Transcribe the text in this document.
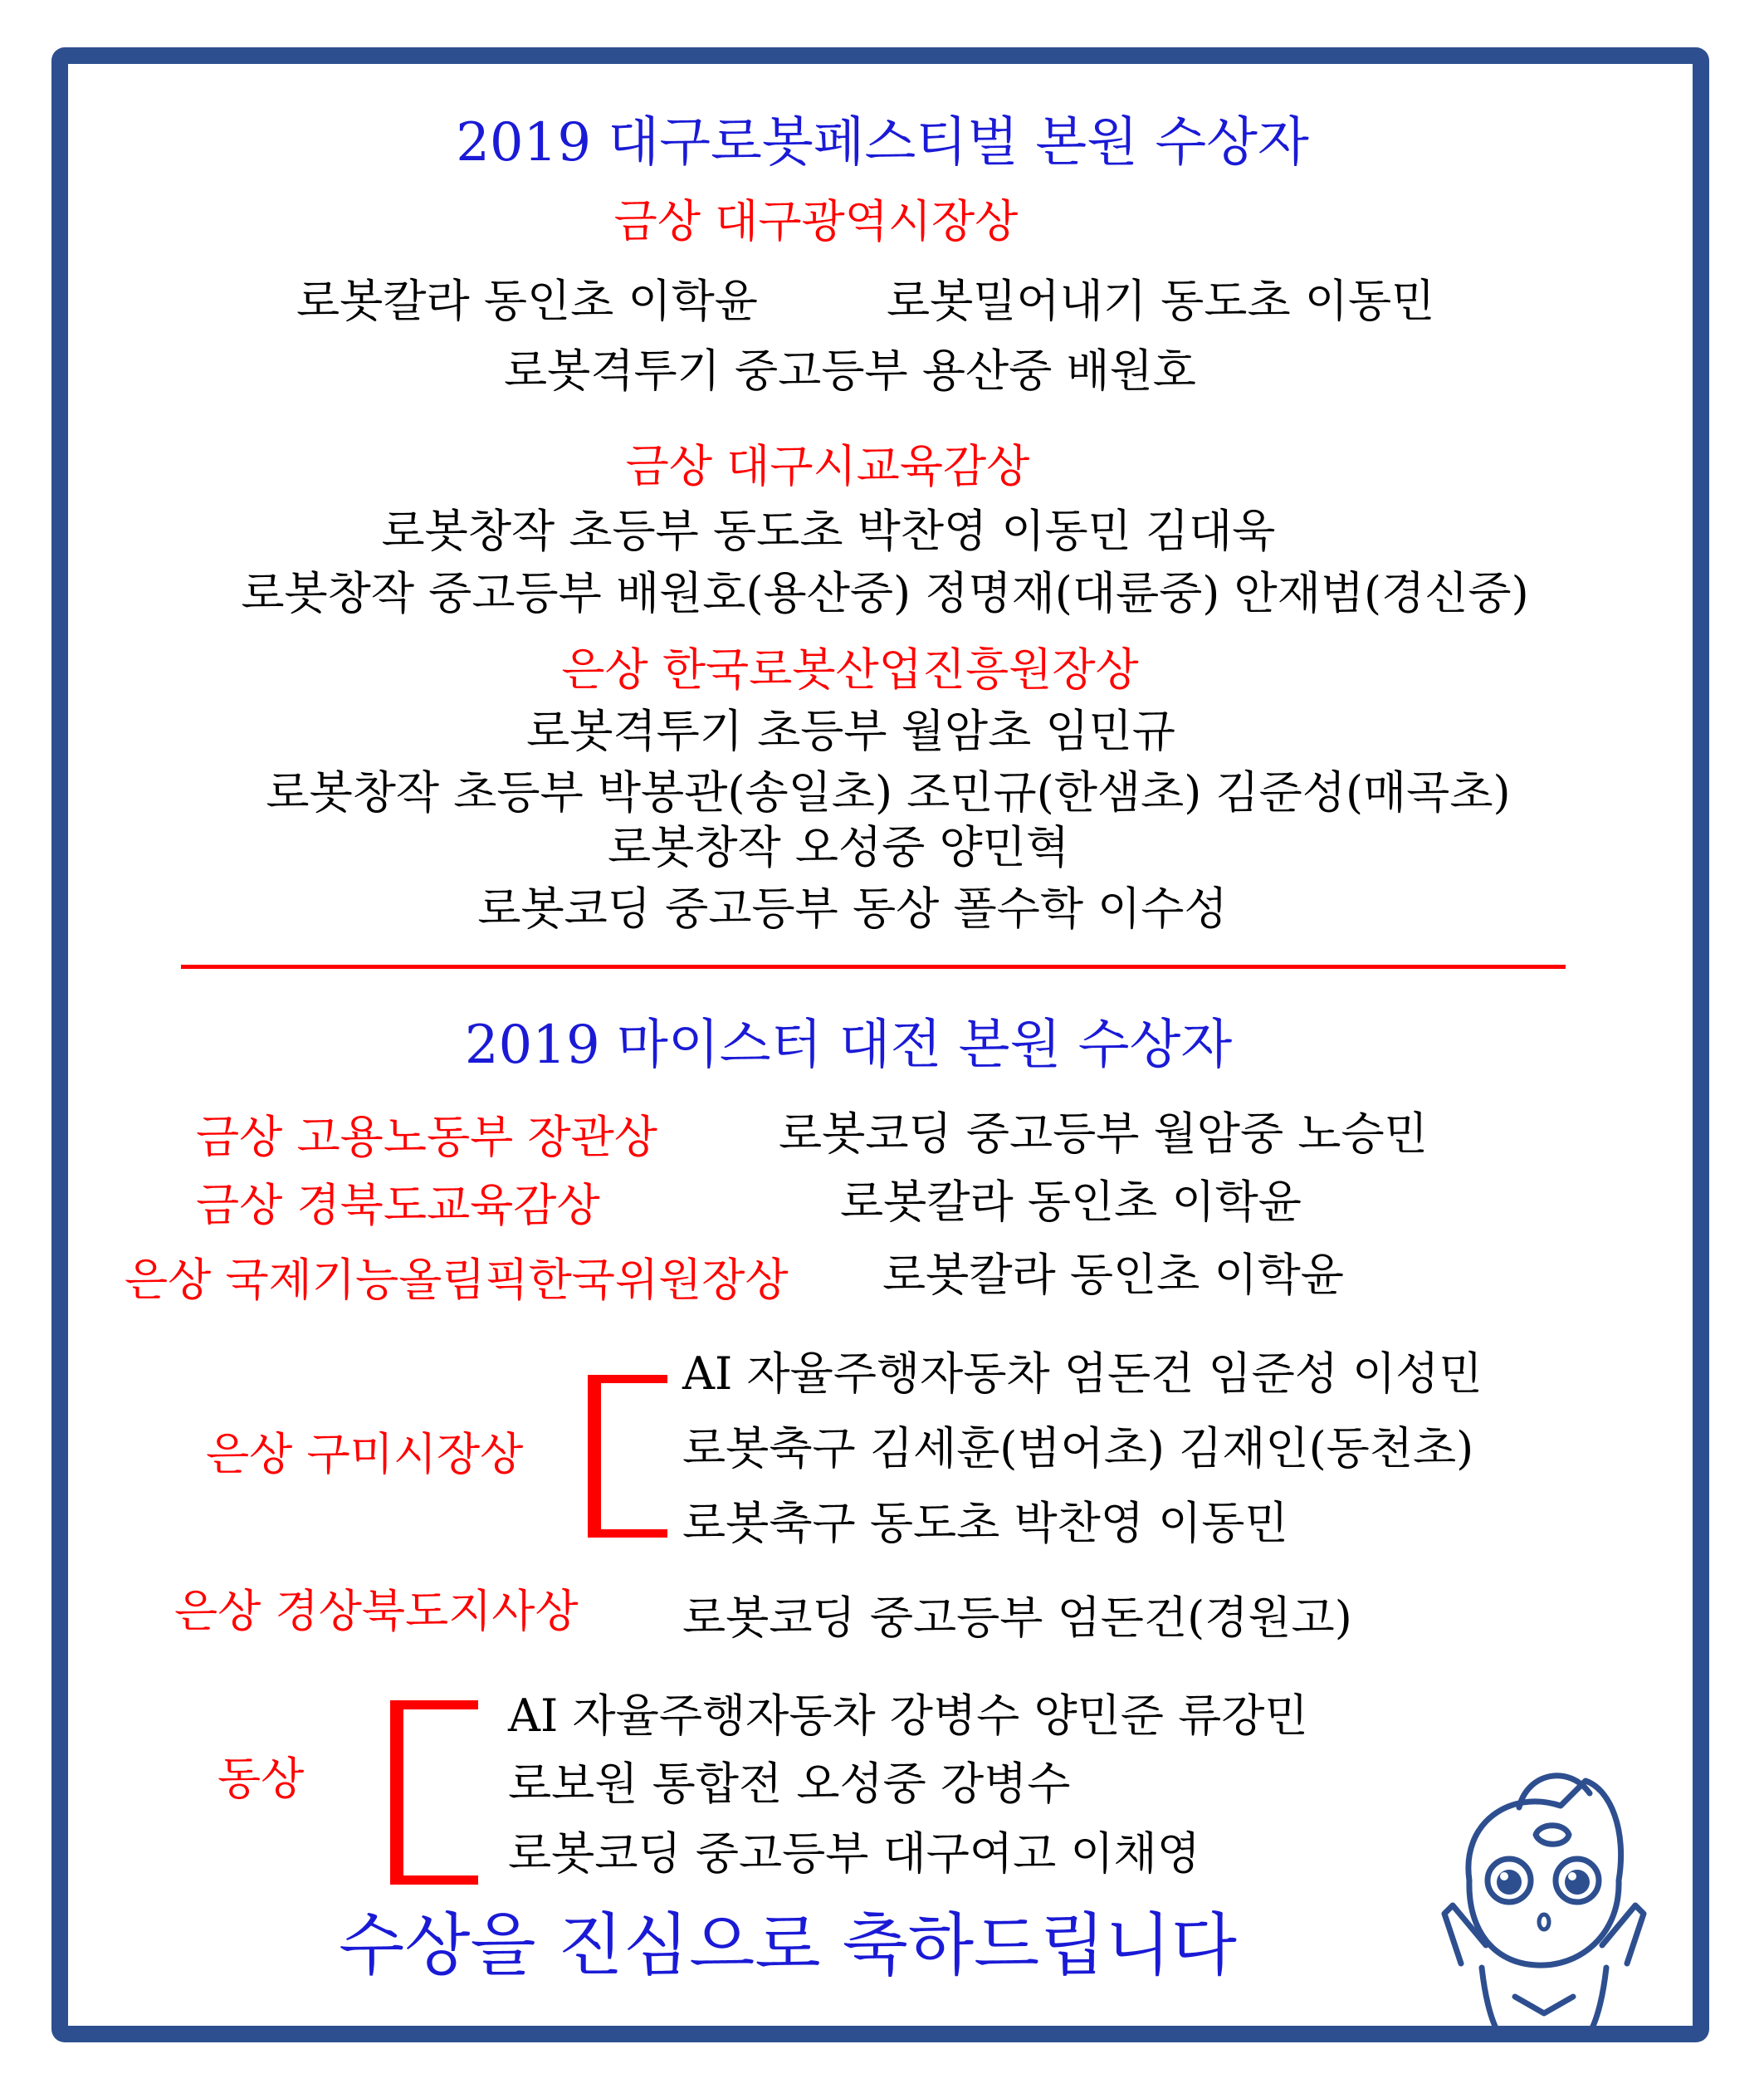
2019 대구로봇페스티벌 본원 수상자
금상 대구광역시장상
로봇칼라 동인초 이학윤	로봇밀어내기 동도초 이동민
로봇격투기 중고등부 용산중 배원호
금상 대구시교육감상
로봇창작 초등부 동도초 박찬영 이동민 김대욱
로봇창작 중고등부 배원호(용산중) 정명재(대륜중) 안재범(경신중)
은상 한국로봇산업진흥원장상
로봇격투기 초등부 월암초 임민규
로봇창작 초등부 박봉관(송일초) 조민규(한샘초) 김준성(매곡초)
로봇창작 오성중 양민혁
로봇코딩 중고등부 동상 폴수학 이수성
2019 마이스터 대전 본원 수상자
금상 고용노동부 장관상	로봇코딩 중고등부 월암중 노승민
금상 경북도교육감상	로봇칼라 동인초 이학윤
은상 국제기능올림픽한국위원장상 로봇칼라 동인초 이학윤
은상 구미시장상
AI 자율주행자동차 엄돈건 임준성 이성민
로봇축구 김세훈(범어초) 김재인(동천초)
로봇축구 동도초 박찬영 이동민
은상 경상북도지사상 로봇코딩 중고등부 엄돈건(경원고)
동상
AI 자율주행자동차 강병수 양민준 류강민
로보원 통합전 오성중 강병수
로봇코딩 중고등부 대구여고 이채영
수상을 진심으로 축하드립니다
